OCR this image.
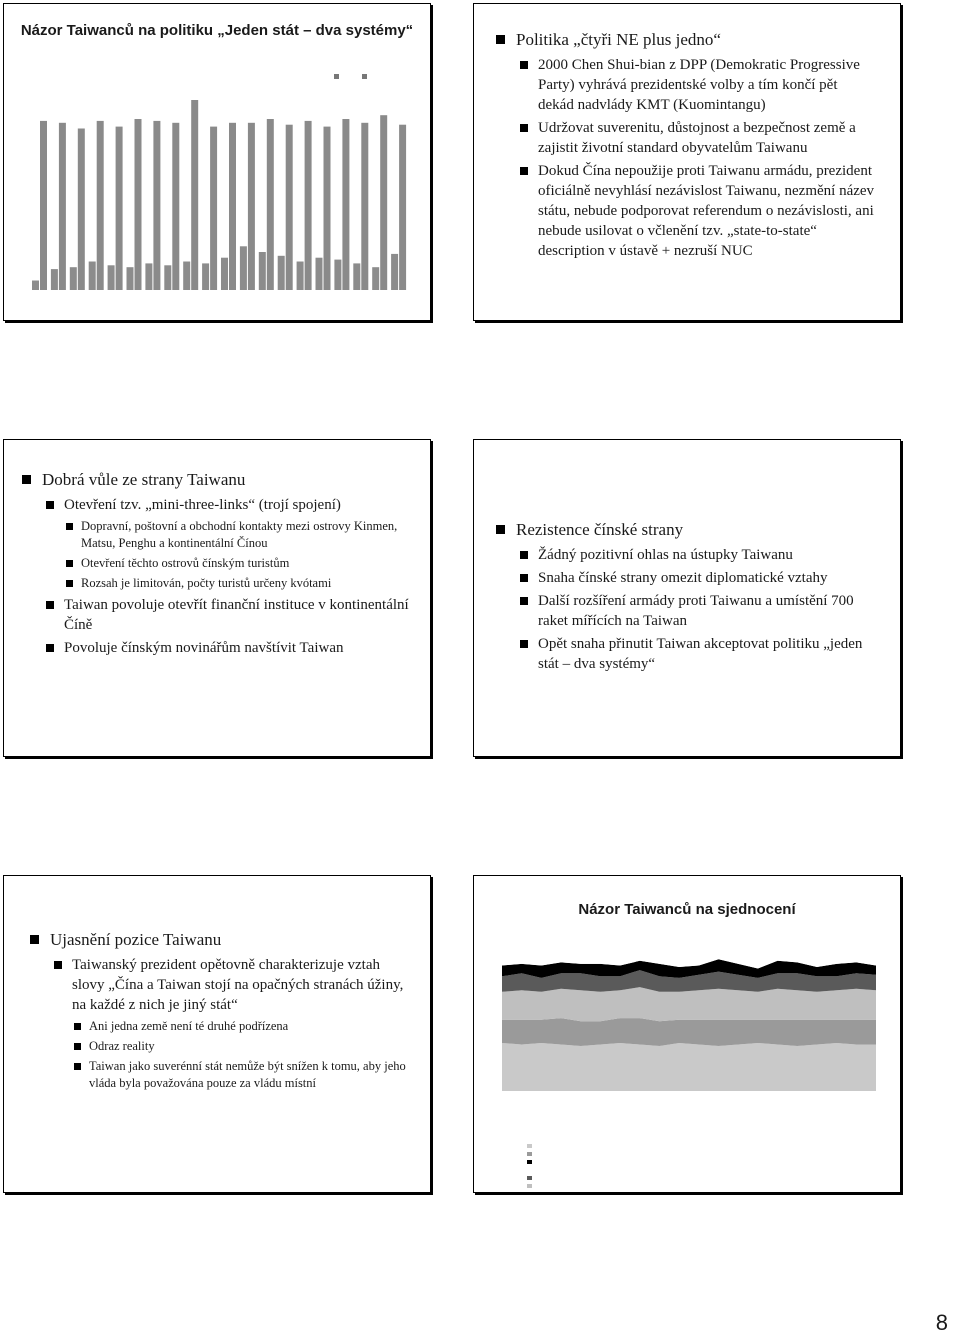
Názor Taiwanců na politiku „Jeden stát – dva systémy“	Politika „čtyři NE plus jedno“
2000 Chen Shui-bian z DPP (Demokratic Progressive Party) vyhrává prezidentské volby a tím končí pět dekád nadvlády KMT (Kuomintangu)
Udržovat suverenitu, důstojnost a bezpečnost země a zajistit životní standard obyvatelům Taiwanu
Dokud Čína nepoužije proti Taiwanu armádu, prezident oficiálně nevyhlásí nezávislost Taiwanu, nezmění název státu, nebude podporovat referendum o nezávislosti, ani nebude usilovat o včlenění tzv. „state-to-state“ description v ústavě + nezruší NUC
Dobrá vůle ze strany Taiwanu
Otevření tzv. „mini-three-links“ (trojí spojení)
Dopravní, poštovní a obchodní kontakty mezi ostrovy Kinmen, Matsu, Penghu a kontinentální Čínou
Otevření těchto ostrovů čínským turistům
Rozsah je limitován, počty turistů určeny kvótami
Taiwan povoluje otevřít finanční instituce v kontinentální Číně
Povoluje čínským novinářům navštívit Taiwan
Rezistence čínské strany
Žádný pozitivní ohlas na ústupky Taiwanu
Snaha čínské strany omezit diplomatické vztahy
Další rozšíření armády proti Taiwanu a umístění 700 raket mířících na Taiwan
Opět snaha přinutit Taiwan akceptovat politiku „jeden stát – dva systémy“
Ujasnění pozice Taiwanu
Taiwanský prezident opětovně charakterizuje vztah slovy „Čína a Taiwan stojí na opačných stranách úžiny, na každé z nich je jiný stát“
Ani jedna země není té druhé podřízena
Odraz reality
Taiwan jako suverénní stát nemůže být snížen k tomu, aby jeho vláda byla považována pouze za vládu místní
Názor Taiwanců na sjednocení
8
